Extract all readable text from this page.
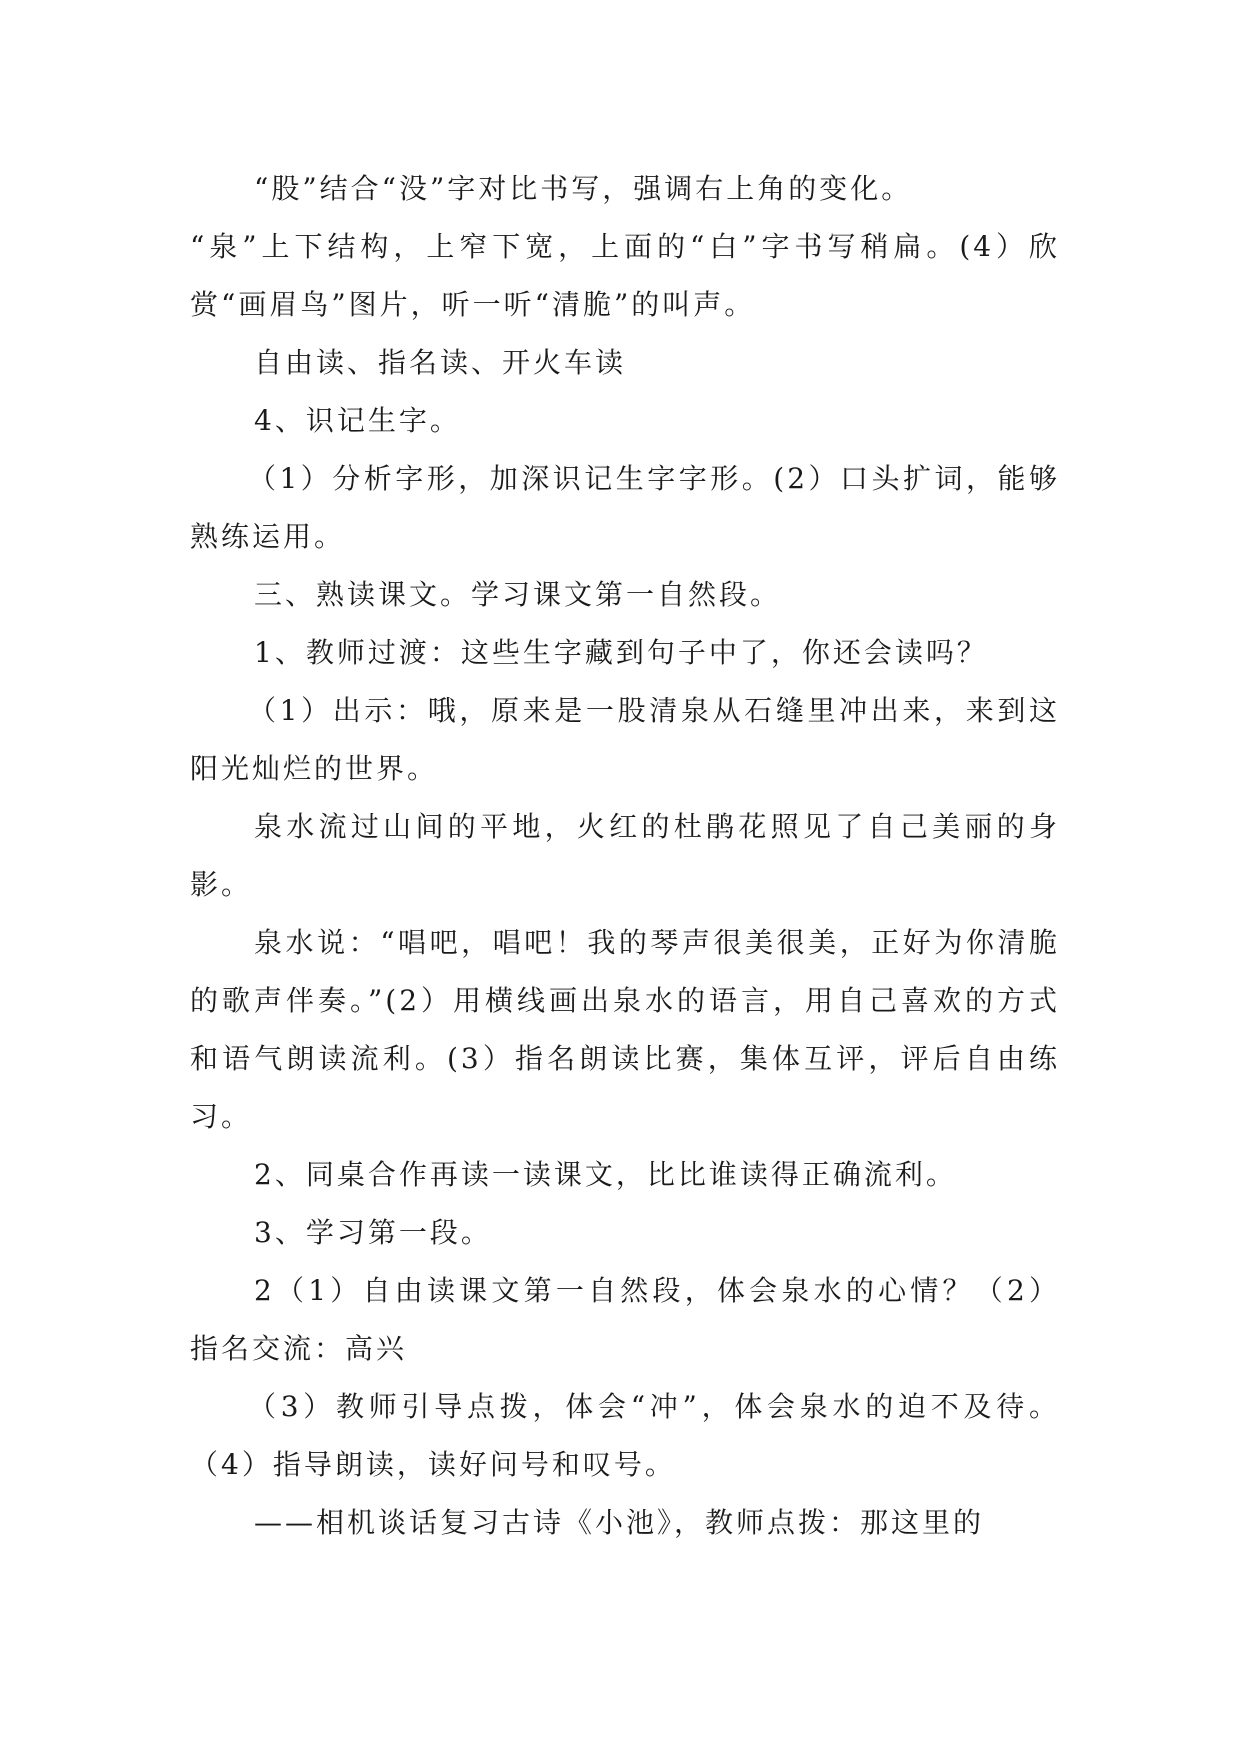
“股”结合“没”字对比书写，强调右上角的变化。

“泉”上下结构，上窄下宽，上面的“白”字书写稍扁。(4）欣赏“画眉鸟”图片，听一听“清脆”的叫声。

自由读、指名读、开火车读

4、识记生字。

（1）分析字形，加深识记生字字形。(2）口头扩词，能够熟练运用。

三、熟读课文。学习课文第一自然段。

1、教师过渡：这些生字藏到句子中了，你还会读吗？

（1）出示：哦，原来是一股清泉从石缝里冲出来，来到这阳光灿烂的世界。

泉水流过山间的平地，火红的杜鹃花照见了自己美丽的身影。

泉水说：“唱吧，唱吧！我的琴声很美很美，正好为你清脆的歌声伴奏。”(2）用横线画出泉水的语言，用自己喜欢的方式和语气朗读流利。(3）指名朗读比赛，集体互评，评后自由练习。

2、同桌合作再读一读课文，比比谁读得正确流利。

3、学习第一段。

2（1）自由读课文第一自然段，体会泉水的心情？（2）指名交流：高兴

（3）教师引导点拨，体会“冲”，体会泉水的迫不及待。（4）指导朗读，读好问号和叹号。

——相机谈话复习古诗《小池》，教师点拨：那这里的
